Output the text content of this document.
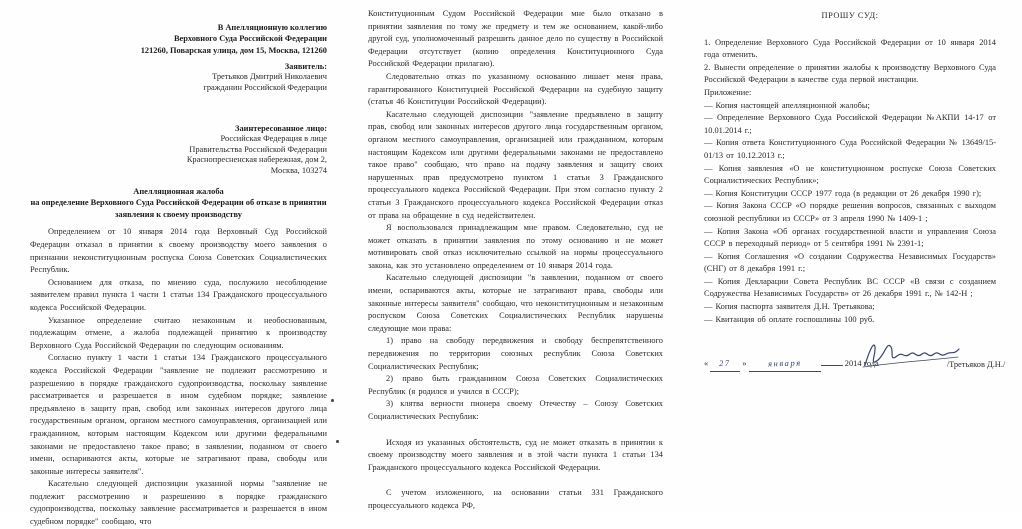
В Апелляционную коллегию
Верховного Суда Российской Федерации
121260, Поварская улица, дом 15, Москва, 121260
Заявитель:
Третьяков Дмитрий Николаевич
гражданин Российской Федерации
Заинтересованное лицо:
Российская Федерация в лице
Правительства Российской Федерации
Краснопресненская набережная, дом 2,
Москва, 103274
Апелляционная жалоба
на определение Верховного Суда Российской Федерации об отказе в принятии
заявления к своему производству

Определением от 10 января 2014 года Верховный Суд Российской Федерации отказал в принятии к своему производству моего заявления о признании неконституционным роспуска Союза Советских Социалистических Республик.

Основанием для отказа, по мнению суда, послужило несоблюдение заявителем правил пункта 1 части 1 статьи 134 Гражданского процессуального кодекса Российской Федерации.

Указанное определение считаю незаконным и необоснованным, подлежащим отмене, а жалоба подлежащей принятию к производству Верховного Суда Российской Федерации по следующим основаниям.

Согласно пункту 1 части 1 статьи 134 Гражданского процессуального кодекса Российской Федерации "заявление не подлежит рассмотрению и разрешению в порядке гражданского судопроизводства, поскольку заявление рассматривается и разрешается в ином судебном порядке; заявление предъявлено в защиту прав, свобод или законных интересов другого лица государственным органом, органом местного самоуправления, организацией или гражданином, которым настоящим Кодексом или другими федеральными законами не предоставлено такое право; в заявлении, поданном от своего имени, оспариваются акты, которые не затрагивают права, свободы или законные интересы заявителя".

Касательно следующей диспозиции указанной нормы "заявление не подлежит рассмотрению и разрешению в порядке гражданского судопроизводства, поскольку заявление рассматривается и разрешается в ином судебном порядке" сообщаю, что

Конституционным Судом Российской Федерации мне было отказано в принятии заявления по тому же предмету и тем же основанием, какой-либо другой суд, уполномоченный разрешить данное дело по существу в Российской Федерации отсутствует (копию определения Конституционного Суда Российской Федерации прилагаю).

Следовательно отказ по указанному основанию лишает меня права, гарантированного Конституцией Российской Федерации на судебную защиту (статья 46 Конституции Российской Федерации).

Касательно следующей диспозиции "заявление предъявлено в защиту прав, свобод или законных интересов другого лица государственным органом, органом местного самоуправления, организацией или гражданином, которым настоящим Кодексом или другими федеральными законами не предоставлено такое право" сообщаю, что право на подачу заявления и защиту своих нарушенных прав предусмотрено пунктом 1 статьи 3 Гражданского процессуального кодекса Российской Федерации. При этом согласно пункту 2 статьи 3 Гражданского процессуального кодекса Российской Федерации отказ от права на обращение в суд недействителен.

Я воспользовался принадлежащим мне правом. Следовательно, суд не может отказать в принятии заявления по этому основанию и не может мотивировать свой отказ исключительно ссылкой на нормы процессуального закона, как это установлено определением от 10 января 2014 года.

Касательно следующей диспозиции "в заявлении, поданном от своего имени, оспариваются акты, которые не затрагивают права, свободы или законные интересы заявителя" сообщаю, что неконституционным и незаконным роспуском Союза Советских Социалистических Республик нарушены следующие мои права:

1) право на свободу передвижения и свободу беспрепятственного передвижения по территории союзных республик Союза Советских Социалистических Республик;

2) право быть гражданином Союза Советских Социалистических Республик (я родился и учился в СССР);

3) клятва верности пионера своему Отечеству – Союзу Советских Социалистических Республик:

Исходя из указанных обстоятельств, суд не может отказать в принятии к своему производству моего заявления и в этой части пункта 1 статьи 134 Гражданского процессуального кодекса Российской Федерации.

С учетом изложенного, на основании статьи 331 Гражданского процессуального кодекса РФ,

ПРОШУ СУД:

1. Определение Верховного Суда Российской Федерации от 10 января 2014 года отменить.

2. Вынести определение о принятии жалобы к производству Верховного Суда Российской Федерации в качестве суда первой инстанции.

Приложение:

— Копия настоящей апелляционной жалобы;

— Определение Верховного Суда Российской Федерации №АКПИ 14-17 от 10.01.2014 г.;

— Копия ответа Конституционного Суда Российской Федерации № 13649/15-01/13 от 10.12.2013 г.;

— Копия заявления «О не конституционном роспуске Союза Советских Социалистических Республик»;

— Копия Конституции СССР 1977 года (в редакции от 26 декабря 1990 г);

— Копия Закона СССР «О порядке решения вопросов, связанных с выходом союзной республики из СССР» от 3 апреля 1990 № 1409-1 ;

— Копия Закона «Об органах государственной власти и управления Союза СССР в переходный период» от 5 сентября 1991 № 2391-1;

— Копия Соглашения «О создании Содружества Независимых Государств» (СНГ) от 8 декабря 1991 г.;

— Копия Декларации Совета Республик ВС СССР «В связи с созданием Содружества Независимых Государств» от 26 декабря 1991 г., № 142-Н ;

— Копия паспорта заявителя Д.Н. Третьякова;

— Квитанция об оплате госпошлины 100 руб.

« 27 » января	2014 года	/Третьяков Д.Н./
